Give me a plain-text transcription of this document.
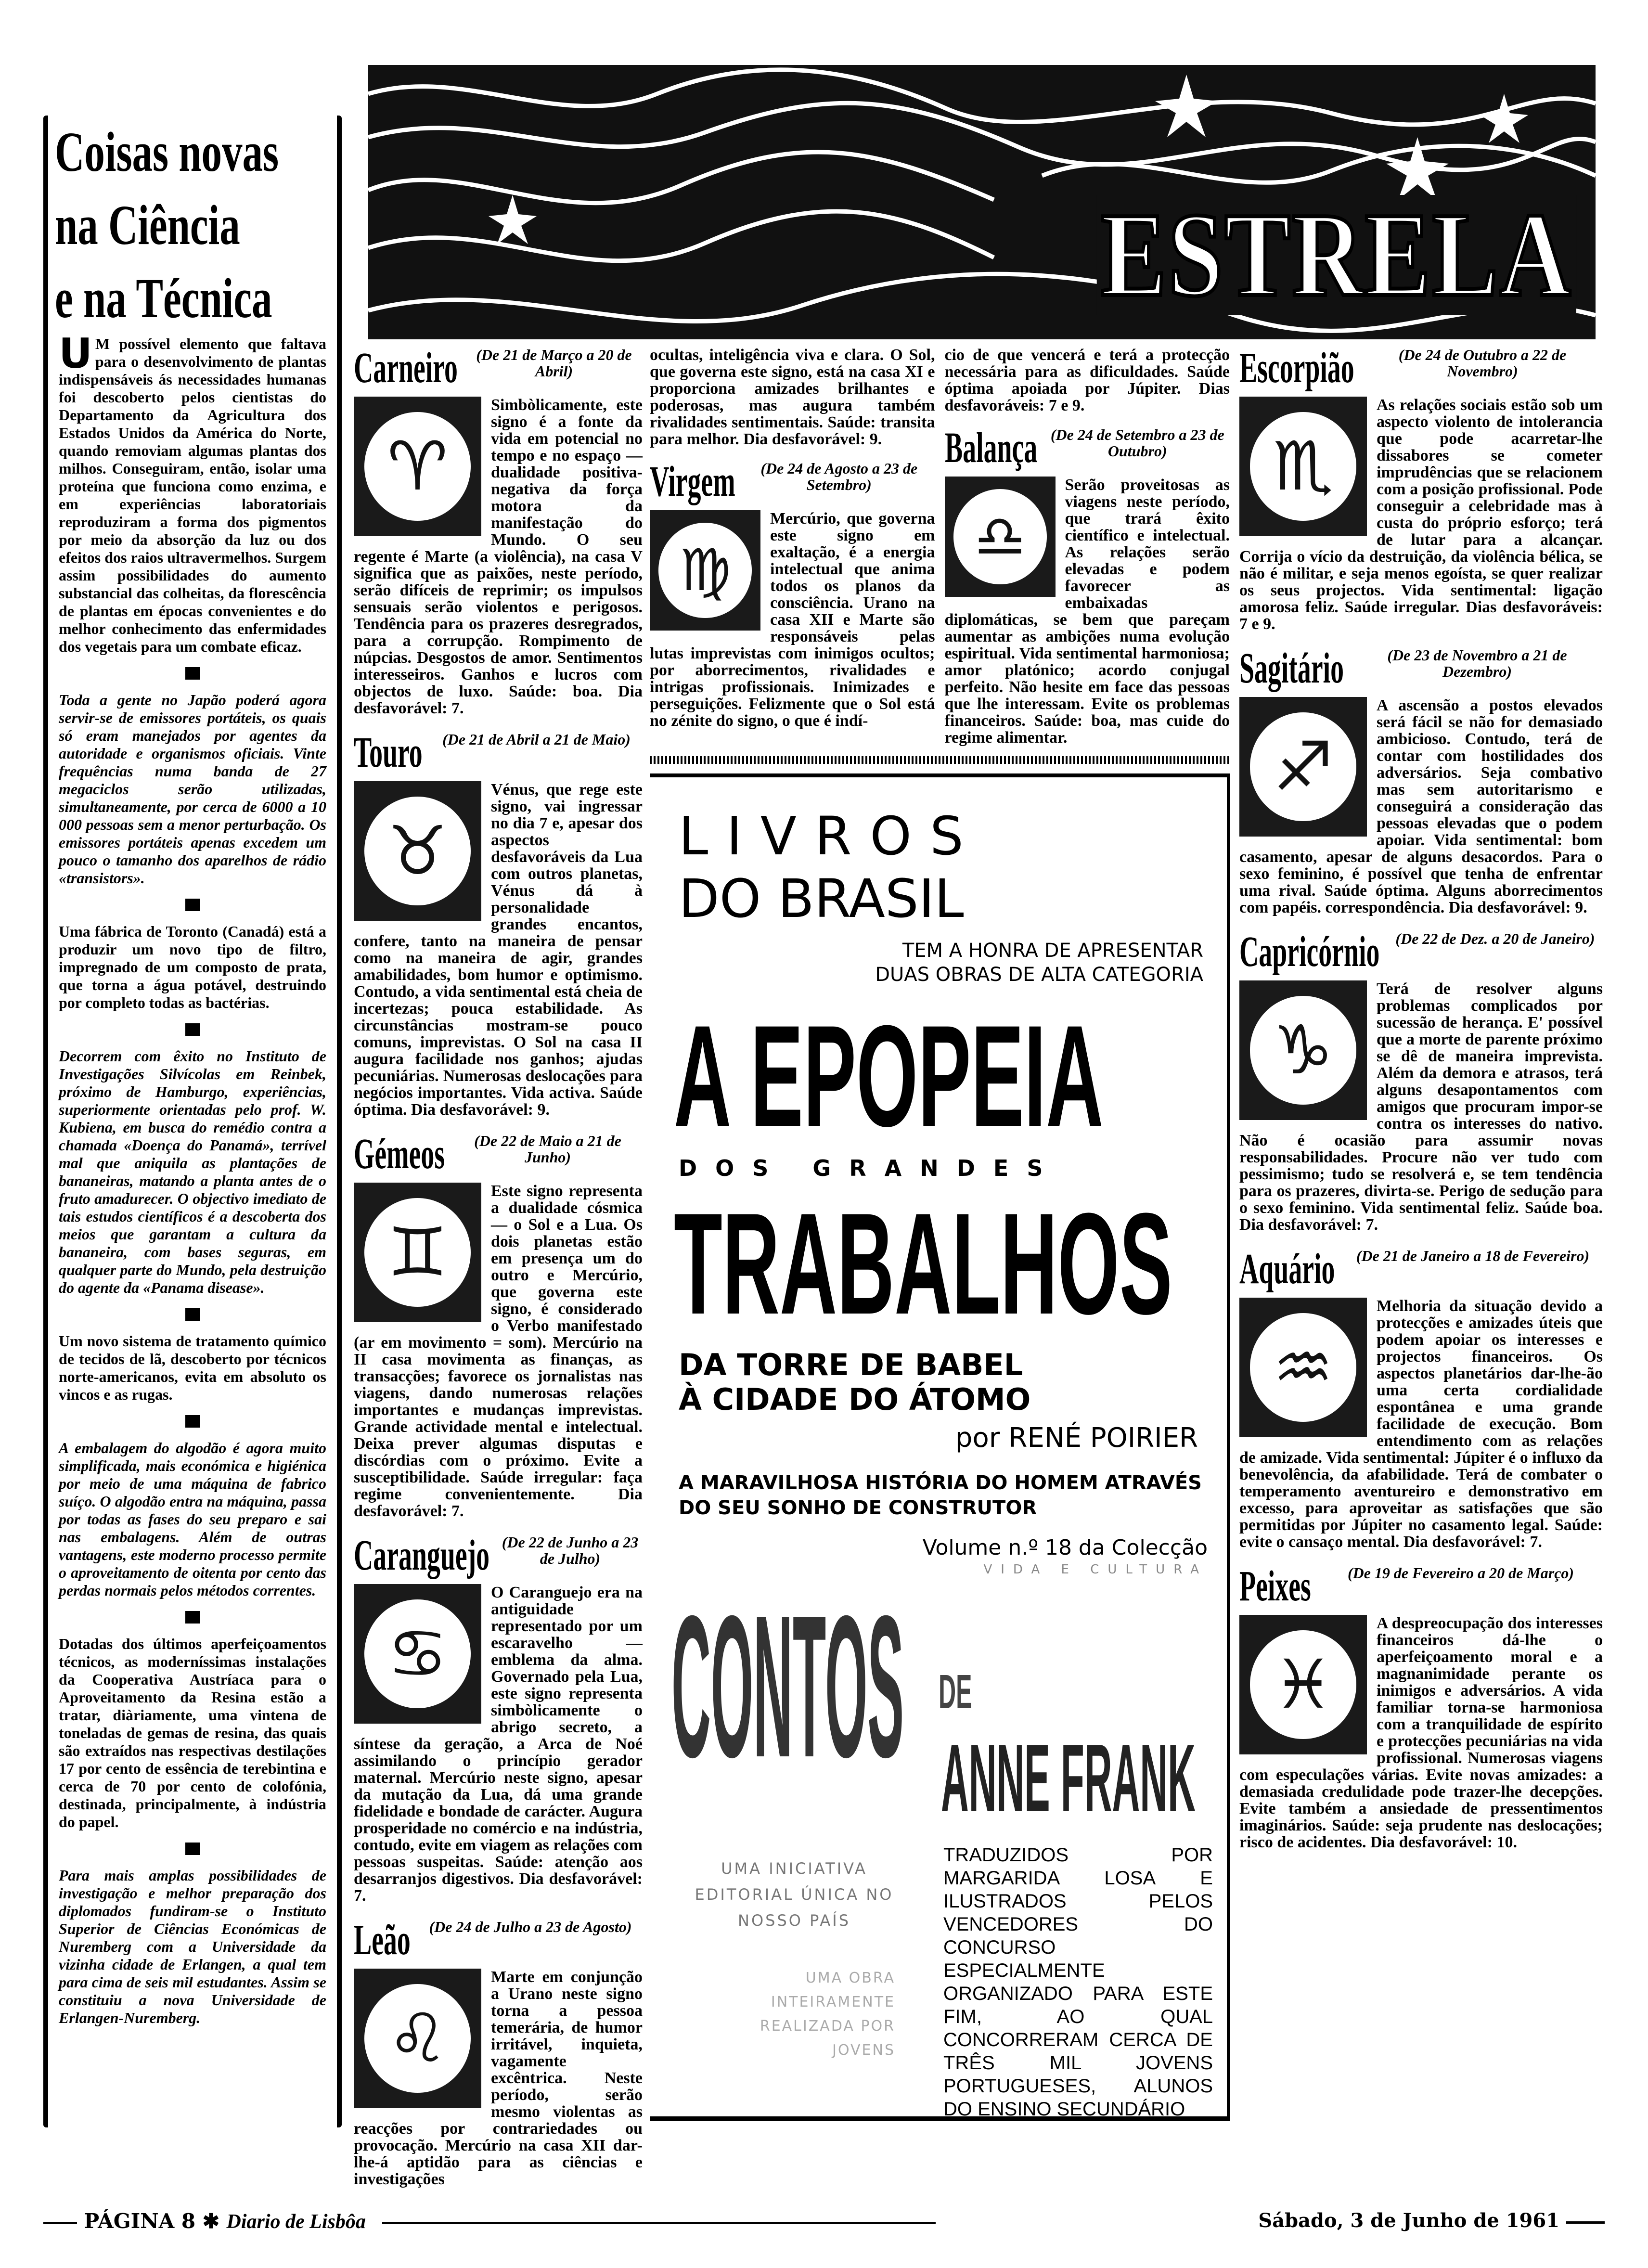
ESTRELA
Coisas novas
na Ciência
e na Técnica

U M possível elemento que faltava para o desenvolvimento de plantas indispensáveis ás necessidades humanas foi descoberto pelos cientistas do Departamento da Agricultura dos Estados Unidos da América do Norte, quando removiam algumas plantas dos milhos. Conseguiram, então, isolar uma proteína que funciona como enzima, e em experiências laboratoriais reproduziram a forma dos pigmentos por meio da absorção da luz ou dos efeitos dos raios ultravermelhos. Surgem assim possibilidades do aumento substancial das colheitas, da florescência de plantas em épocas convenientes e do melhor conhecimento das enfermidades dos vegetais para um combate eficaz.

Toda a gente no Japão poderá agora servir-se de emissores portáteis, os quais só eram manejados por agentes da autoridade e organismos oficiais. Vinte frequências numa banda de 27 megaciclos serão utilizadas, simultaneamente, por cerca de 6000 a 10 000 pessoas sem a menor perturbação. Os emissores portáteis apenas excedem um pouco o tamanho dos aparelhos de rádio «transistors».

Uma fábrica de Toronto (Canadá) está a produzir um novo tipo de filtro, impregnado de um composto de prata, que torna a água potável, destruindo por completo todas as bactérias.

Decorrem com êxito no Instituto de Investigações Silvícolas em Reinbek, próximo de Hamburgo, experiências, superiormente orientadas pelo prof. W. Kubiena, em busca do remédio contra a chamada «Doença do Panamá», terrível mal que aniquila as plantações de bananeiras, matando a planta antes de o fruto amadurecer. O objectivo imediato de tais estudos científicos é a descoberta dos meios que garantam a cultura da bananeira, com bases seguras, em qualquer parte do Mundo, pela destruição do agente da «Panama disease».

Um novo sistema de tratamento químico de tecidos de lã, descoberto por técnicos norte-americanos, evita em absoluto os vincos e as rugas.

A embalagem do algodão é agora muito simplificada, mais económica e higiénica por meio de uma máquina de fabrico suíço. O algodão entra na máquina, passa por todas as fases do seu preparo e sai nas embalagens. Além de outras vantagens, este moderno processo permite o aproveitamento de oitenta por cento das perdas normais pelos métodos correntes.

Dotadas dos últimos aperfeiçoamentos técnicos, as moderníssimas instalações da Cooperativa Austríaca para o Aproveitamento da Resina estão a tratar, diàriamente, uma vintena de toneladas de gemas de resina, das quais são extraídos nas respectivas destilações 17 por cento de essência de terebintina e cerca de 70 por cento de colofónia, destinada, principalmente, à indústria do papel.

Para mais amplas possibilidades de investigação e melhor preparação dos diplomados fundiram-se o Instituto Superior de Ciências Económicas de Nuremberg com a Universidade da vizinha cidade de Erlangen, a qual tem para cima de seis mil estudantes. Assim se constituiu a nova Universidade de Erlangen-Nuremberg.

Carneiro	(De 21 de Março a 20 de Abril)
♈

Simbòlicamente, este signo é a fonte da vida em potencial no tempo e no espaço — dualidade positiva-negativa da força motora da manifestação do Mundo. O seu regente é Marte (a violência), na casa V significa que as paixões, neste período, serão difíceis de reprimir; os impulsos sensuais serão violentos e perigosos. Tendência para os prazeres desregrados, para a corrupção. Rompimento de núpcias. Desgostos de amor. Sentimentos interesseiros. Ganhos e lucros com objectos de luxo. Saúde: boa. Dia desfavorável: 7.

Touro	(De 21 de Abril a 21 de Maio)
♉

Vénus, que rege este signo, vai ingressar no dia 7 e, apesar dos aspectos desfavoráveis da Lua com outros planetas, Vénus dá à personalidade grandes encantos, confere, tanto na maneira de pensar como na maneira de agir, grandes amabilidades, bom humor e optimismo. Contudo, a vida sentimental está cheia de incertezas; pouca estabilidade. As circunstâncias mostram-se pouco comuns, imprevistas. O Sol na casa II augura facilidade nos ganhos; ajudas pecuniárias. Numerosas deslocações para negócios importantes. Vida activa. Saúde óptima. Dia desfavorável: 9.

Gémeos	(De 22 de Maio a 21 de Junho)
♊

Este signo representa a dualidade cósmica — o Sol e a Lua. Os dois planetas estão em presença um do outro e Mercúrio, que governa este signo, é considerado o Verbo manifestado (ar em movimento = som). Mercúrio na II casa movimenta as finanças, as transacções; favorece os jornalistas nas viagens, dando numerosas relações importantes e mudanças imprevistas. Grande actividade mental e intelectual. Deixa prever algumas disputas e discórdias com o próximo. Evite a susceptibilidade. Saúde irregular: faça regime convenientemente. Dia desfavorável: 7.

Caranguejo (De 22 de Junho a 23 de Julho)
♋

O Caranguejo era na antiguidade representado por um escaravelho — emblema da alma. Governado pela Lua, este signo representa simbòlicamente o abrigo secreto, a síntese da geração, a Arca de Noé assimilando o princípio gerador maternal. Mercúrio neste signo, apesar da mutação da Lua, dá uma grande fidelidade e bondade de carácter. Augura prosperidade no comércio e na indústria, contudo, evite em viagem as relações com pessoas suspeitas. Saúde: atenção aos desarranjos digestivos. Dia desfavorável: 7.

Leão	(De 24 de Julho a 23 de Agosto)
♌

Marte em conjunção a Urano neste signo torna a pessoa temerária, de humor irritável, inquieta, vagamente excêntrica. Neste período, serão mesmo violentas as reacções por contrariedades ou provocação. Mercúrio na casa XII dar-lhe-á aptidão para as ciências e investigações

ocultas, inteligência viva e clara. O Sol, que governa este signo, está na casa XI e proporciona amizades brilhantes e poderosas, mas augura também rivalidades sentimentais. Saúde: transita para melhor. Dia desfavorável: 9.

Virgem	(De 24 de Agosto a 23 de Setembro)
♍

Mercúrio, que governa este signo em exaltação, é a energia intelectual que anima todos os planos da consciência. Urano na casa XII e Marte são responsáveis pelas lutas imprevistas com inimigos ocultos; por aborrecimentos, rivalidades e intrigas profissionais. Inimizades e perseguições. Felizmente que o Sol está no zénite do signo, o que é indí-

cio de que vencerá e terá a protecção necessária para as dificuldades. Saúde óptima apoiada por Júpiter. Dias desfavoráveis: 7 e 9.

Balança (De 24 de Setembro a 23 de Outubro)
♎

Serão proveitosas as viagens neste período, que trará êxito científico e intelectual. As relações serão elevadas e podem favorecer as embaixadas diplomáticas, se bem que pareçam aumentar as ambições numa evolução espiritual. Vida sentimental harmoniosa; amor platónico; acordo conjugal perfeito. Não hesite em face das pessoas que lhe interessam. Evite os problemas financeiros. Saúde: boa, mas cuide do regime alimentar.

Escorpião	(De 24 de Outubro a 22 de Novembro)
♏

As relações sociais estão sob um aspecto violento de intolerancia que pode acarretar-lhe dissabores se cometer imprudências que se relacionem com a posição profissional. Pode conseguir a celebridade mas à custa do próprio esforço; terá de lutar para a alcançar. Corrija o vício da destruição, da violência bélica, se não é militar, e seja menos egoísta, se quer realizar os seus projectos. Vida sentimental: ligação amorosa feliz. Saúde irregular. Dias desfavoráveis: 7 e 9.

Sagitário	(De 23 de Novembro a 21 de Dezembro)
♐

A ascensão a postos elevados será fácil se não for demasiado ambicioso. Contudo, terá de contar com hostilidades dos adversários. Seja combativo mas sem autoritarismo e conseguirá a consideração das pessoas elevadas que o podem apoiar. Vida sentimental: bom casamento, apesar de alguns desacordos. Para o sexo feminino, é possível que tenha de enfrentar uma rival. Saúde óptima. Alguns aborrecimentos com papéis. correspondência. Dia desfavorável: 9.

Capricórnio	(De 22 de Dez. a 20 de Janeiro)
♑

Terá de resolver alguns problemas complicados por sucessão de herança. E' possível que a morte de parente próximo se dê de maneira imprevista. Além da demora e atrasos, terá alguns desapontamentos com amigos que procuram impor-se contra os interesses do nativo. Não é ocasião para assumir novas responsabilidades. Procure não ver tudo com pessimismo; tudo se resolverá e, se tem tendência para os prazeres, divirta-se. Perigo de sedução para o sexo feminino. Vida sentimental feliz. Saúde boa. Dia desfavorável: 7.

Aquário	(De 21 de Janeiro a 18 de Fevereiro)
♒

Melhoria da situação devido a protecções e amizades úteis que podem apoiar os interesses e projectos financeiros. Os aspectos planetários dar-lhe-ão uma certa cordialidade espontânea e uma grande facilidade de execução. Bom entendimento com as relações de amizade. Vida sentimental: Júpiter é o influxo da benevolência, da afabilidade. Terá de combater o temperamento aventureiro e demonstrativo em excesso, para aproveitar as satisfações que são permitidas por Júpiter no casamento legal. Saúde: evite o cansaço mental. Dia desfavorável: 7.

Peixes	(De 19 de Fevereiro a 20 de Março)
♓

A despreocupação dos interesses financeiros dá-lhe o aperfeiçoamento moral e a magnanimidade perante os inimigos e adversários. A vida familiar torna-se harmoniosa com a tranquilidade de espírito e protecções pecuniárias na vida profissional. Numerosas viagens com especulações várias. Evite novas amizades: a demasiada credulidade pode trazer-lhe decepções. Evite também a ansiedade de pressentimentos imaginários. Saúde: seja prudente nas deslocações; risco de acidentes. Dia desfavorável: 10.

LIVROS
DO BRASIL
TEM A HONRA DE APRESENTAR DUAS OBRAS DE ALTA CATEGORIA
A EPOPEIA
DOS GRANDES
TRABALHOS
DA TORRE DE BABEL À CIDADE DO ÁTOMO
por RENÉ POIRIER
A MARAVILHOSA HISTÓRIA DO HOMEM ATRAVÉS DO SEU SONHO DE CONSTRUTOR
Volume n.º 18 da Colecção
VIDA E CULTURA
CONTOS DE
ANNE FRANK
TRADUZIDOS POR MARGARIDA LOSA E ILUSTRADOS PELOS VENCEDORES DO CONCURSO ESPECIALMENTE ORGANIZADO PARA ESTE FIM, AO QUAL CONCORRERAM CERCA DE TRÊS MIL JOVENS PORTUGUESES, ALUNOS DO ENSINO SECUNDÁRIO
UMA INICIATIVA EDITORIAL ÚNICA NO NOSSO PAÍS
UMA OBRA INTEIRAMENTE REALIZADA POR JOVENS
PÁGINA 8 ✱ Diario de Lisbôa	Sábado, 3 de Junho de 1961
